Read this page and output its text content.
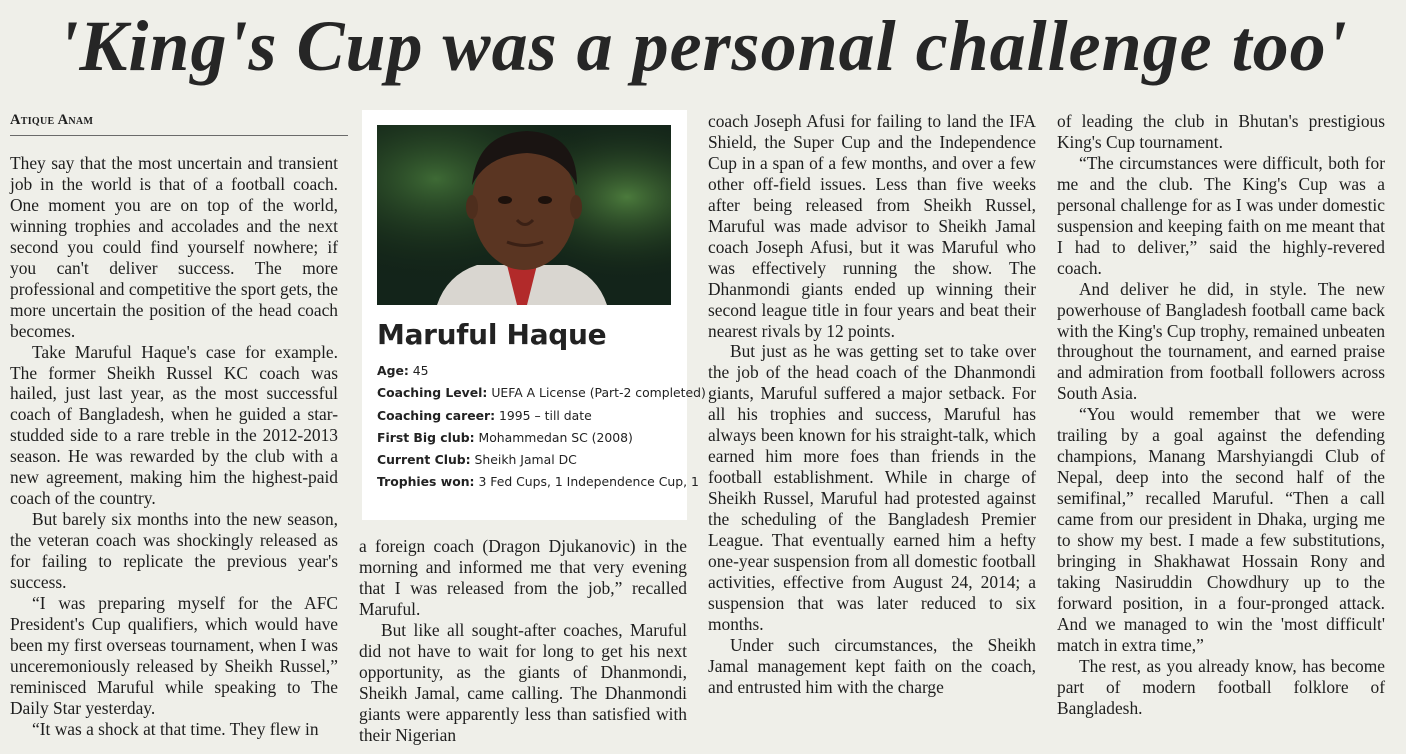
'King's Cup was a personal challenge too'
Atique Anam

They say that the most uncertain and transient job in the world is that of a football coach. One moment you are on top of the world, winning trophies and accolades and the next second you could find yourself nowhere; if you can't deliver success. The more professional and competitive the sport gets, the more uncertain the position of the head coach becomes.

Take Maruful Haque's case for example. The former Sheikh Russel KC coach was hailed, just last year, as the most successful coach of Bangladesh, when he guided a star-studded side to a rare treble in the 2012-2013 season. He was rewarded by the club with a new agreement, making him the highest-paid coach of the country.

But barely six months into the new season, the veteran coach was shockingly released as for failing to replicate the previous year's success.

“I was preparing myself for the AFC President's Cup qualifiers, which would have been my first overseas tournament, when I was unceremoniously released by Sheikh Russel,” reminisced Maruful while speaking to The Daily Star yesterday.

“It was a shock at that time. They flew in

Maruful Haque
Age: 45
Coaching Level: UEFA A License (Part-2 completed)
Coaching career: 1995 – till date
First Big club: Mohammedan SC (2008)
Current Club: Sheikh Jamal DC
Trophies won: 3 Fed Cups, 1 Independence Cup, 1

a foreign coach (Dragon Djukanovic) in the morning and informed me that very evening that I was released from the job,” recalled Maruful.

But like all sought-after coaches, Maruful did not have to wait for long to get his next opportunity, as the giants of Dhanmondi, Sheikh Jamal, came calling. The Dhanmondi giants were apparently less than satisfied with their Nigerian

coach Joseph Afusi for failing to land the IFA Shield, the Super Cup and the Independence Cup in a span of a few months, and over a few other off-field issues. Less than five weeks after being released from Sheikh Russel, Maruful was made advisor to Sheikh Jamal coach Joseph Afusi, but it was Maruful who was effectively running the show. The Dhanmondi giants ended up winning their second league title in four years and beat their nearest rivals by 12 points.

But just as he was getting set to take over the job of the head coach of the Dhanmondi giants, Maruful suffered a major setback. For all his trophies and success, Maruful has always been known for his straight-talk, which earned him more foes than friends in the football establishment. While in charge of Sheikh Russel, Maruful had protested against the scheduling of the Bangladesh Premier League. That eventually earned him a hefty one-year suspension from all domestic football activities, effective from August 24, 2014; a suspension that was later reduced to six months.

Under such circumstances, the Sheikh Jamal management kept faith on the coach, and entrusted him with the charge

of leading the club in Bhutan's prestigious King's Cup tournament.

“The circumstances were difficult, both for me and the club. The King's Cup was a personal challenge for as I was under domestic suspension and keeping faith on me meant that I had to deliver,” said the highly-revered coach.

And deliver he did, in style. The new powerhouse of Bangladesh football came back with the King's Cup trophy, remained unbeaten throughout the tournament, and earned praise and admiration from football followers across South Asia.

“You would remember that we were trailing by a goal against the defending champions, Manang Marshyiangdi Club of Nepal, deep into the second half of the semifinal,” recalled Maruful. “Then a call came from our president in Dhaka, urging me to show my best. I made a few substitutions, bringing in Shakhawat Hossain Rony and taking Nasiruddin Chowdhury up to the forward position, in a four-pronged attack. And we managed to win the 'most difficult' match in extra time,”

The rest, as you already know, has become part of modern football folklore of Bangladesh.
